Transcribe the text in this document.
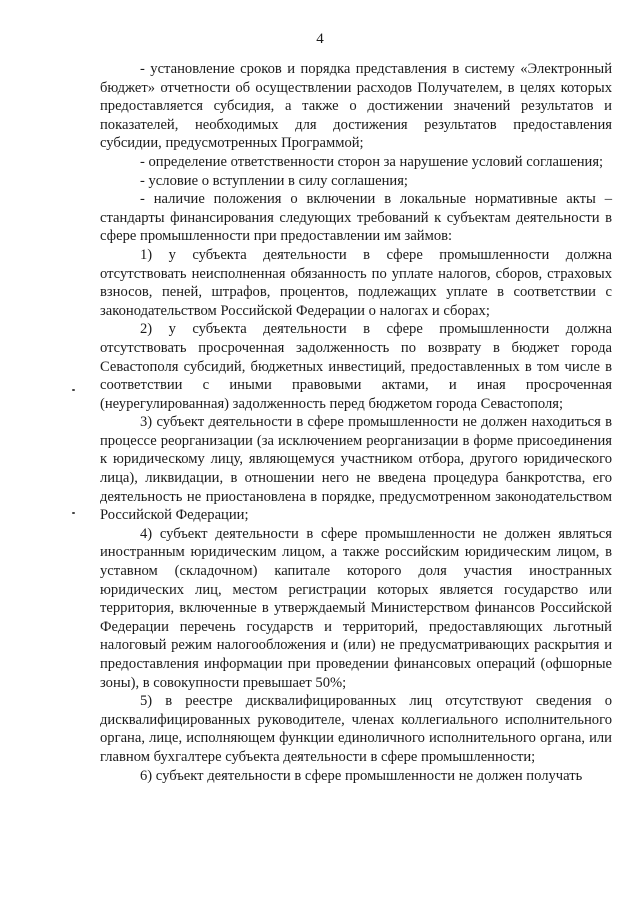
4

- установление сроков и порядка представления в систему «Электронный бюджет» отчетности об осуществлении расходов Получателем, в целях которых предоставляется субсидия, а также о достижении значений результатов и показателей, необходимых для достижения результатов предоставления субсидии, предусмотренных Программой;

- определение ответственности сторон за нарушение условий соглашения;

- условие о вступлении в силу соглашения;

- наличие положения о включении в локальные нормативные акты – стандарты финансирования следующих требований к субъектам деятельности в сфере промышленности при предоставлении им займов:

1) у субъекта деятельности в сфере промышленности должна отсутствовать неисполненная обязанность по уплате налогов, сборов, страховых взносов, пеней, штрафов, процентов, подлежащих уплате в соответствии с законодательством Российской Федерации о налогах и сборах;

2) у субъекта деятельности в сфере промышленности должна отсутствовать просроченная задолженность по возврату в бюджет города Севастополя субсидий, бюджетных инвестиций, предоставленных в том числе в соответствии с иными правовыми актами, и иная просроченная (неурегулированная) задолженность перед бюджетом города Севастополя;

3) субъект деятельности в сфере промышленности не должен находиться в процессе реорганизации (за исключением реорганизации в форме присоединения к юридическому лицу, являющемуся участником отбора, другого юридического лица), ликвидации, в отношении него не введена процедура банкротства, его деятельность не приостановлена в порядке, предусмотренном законодательством Российской Федерации;

4) субъект деятельности в сфере промышленности не должен являться иностранным юридическим лицом, а также российским юридическим лицом, в уставном (складочном) капитале которого доля участия иностранных юридических лиц, местом регистрации которых является государство или территория, включенные в утверждаемый Министерством финансов Российской Федерации перечень государств и территорий, предоставляющих льготный налоговый режим налогообложения и (или) не предусматривающих раскрытия и предоставления информации при проведении финансовых операций (офшорные зоны), в совокупности превышает 50%;

5) в реестре дисквалифицированных лиц отсутствуют сведения о дисквалифицированных руководителе, членах коллегиального исполнительного органа, лице, исполняющем функции единоличного исполнительного органа, или главном бухгалтере субъекта деятельности в сфере промышленности;

6) субъект деятельности в сфере промышленности не должен получать
